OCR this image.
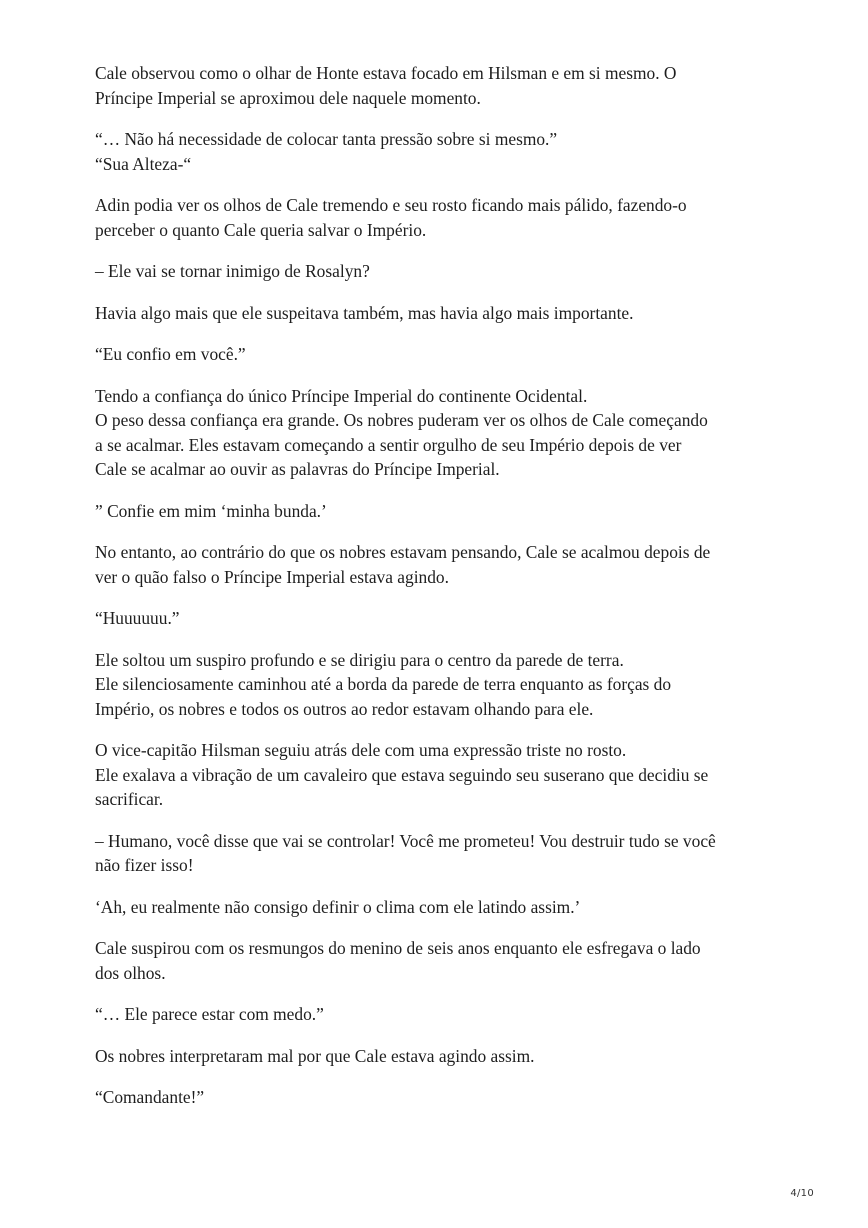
Cale observou como o olhar de Honte estava focado em Hilsman e em si mesmo. O
Príncipe Imperial se aproximou dele naquele momento.

“… Não há necessidade de colocar tanta pressão sobre si mesmo.”
“Sua Alteza-“

Adin podia ver os olhos de Cale tremendo e seu rosto ficando mais pálido, fazendo-o
perceber o quanto Cale queria salvar o Império.

– Ele vai se tornar inimigo de Rosalyn?

Havia algo mais que ele suspeitava também, mas havia algo mais importante.

“Eu confio em você.”

Tendo a confiança do único Príncipe Imperial do continente Ocidental.
O peso dessa confiança era grande. Os nobres puderam ver os olhos de Cale começando
a se acalmar. Eles estavam começando a sentir orgulho de seu Império depois de ver
Cale se acalmar ao ouvir as palavras do Príncipe Imperial.

” Confie em mim ‘minha bunda.’

No entanto, ao contrário do que os nobres estavam pensando, Cale se acalmou depois de
ver o quão falso o Príncipe Imperial estava agindo.

“Huuuuuu.”

Ele soltou um suspiro profundo e se dirigiu para o centro da parede de terra.
Ele silenciosamente caminhou até a borda da parede de terra enquanto as forças do
Império, os nobres e todos os outros ao redor estavam olhando para ele.

O vice-capitão Hilsman seguiu atrás dele com uma expressão triste no rosto.
Ele exalava a vibração de um cavaleiro que estava seguindo seu suserano que decidiu se
sacrificar.

– Humano, você disse que vai se controlar! Você me prometeu! Vou destruir tudo se você
não fizer isso!

‘Ah, eu realmente não consigo definir o clima com ele latindo assim.’

Cale suspirou com os resmungos do menino de seis anos enquanto ele esfregava o lado
dos olhos.

“… Ele parece estar com medo.”

Os nobres interpretaram mal por que Cale estava agindo assim.

“Comandante!”

4/10
